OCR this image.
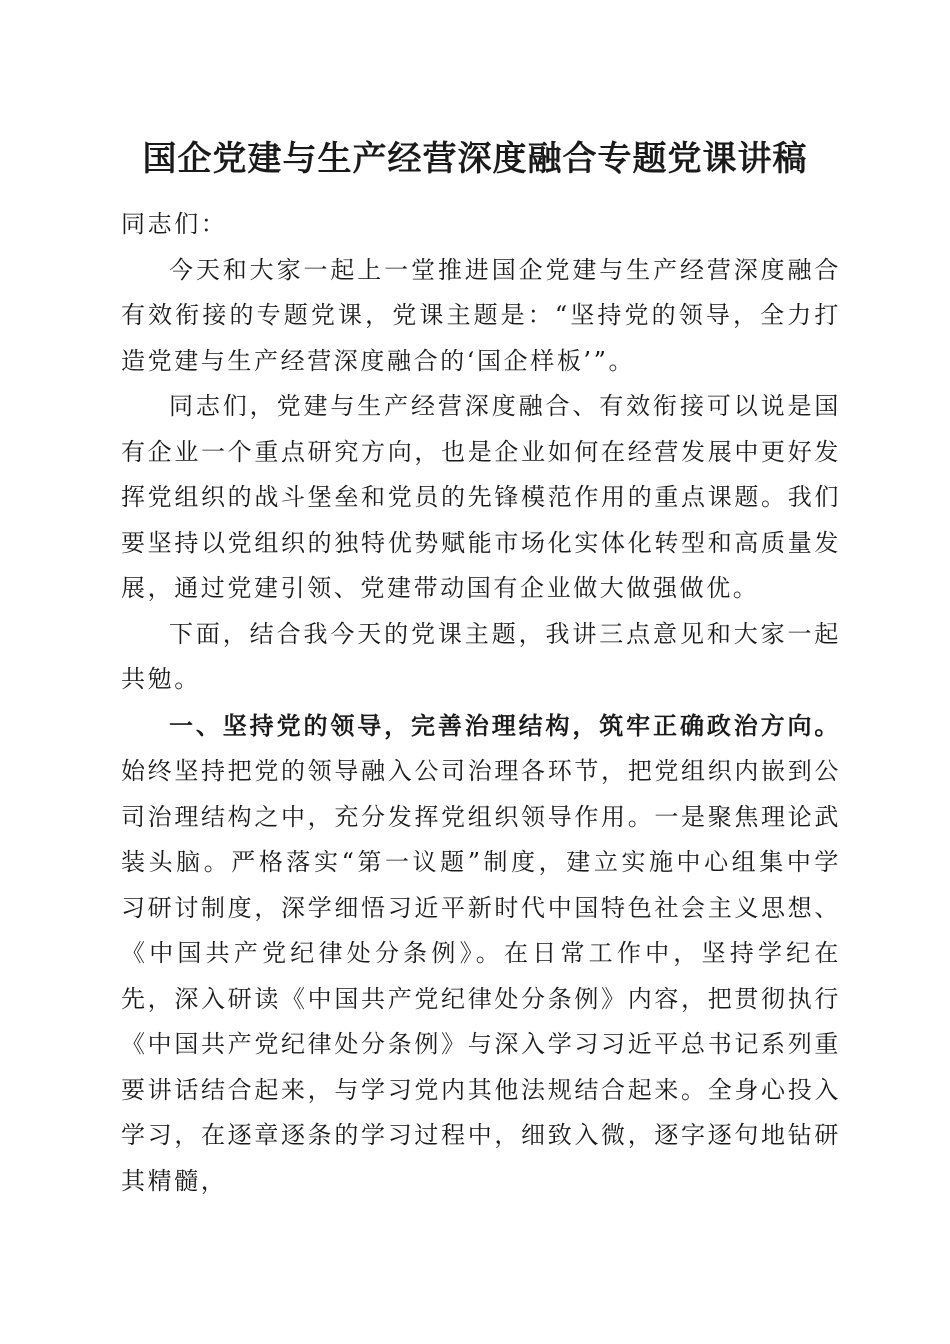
国企党建与生产经营深度融合专题党课讲稿

同志们：

今天和大家一起上一堂推进国企党建与生产经营深度融合有效衔接的专题党课，党课主题是：“坚持党的领导，全力打造党建与生产经营深度融合的‘国企样板’”。

同志们，党建与生产经营深度融合、有效衔接可以说是国有企业一个重点研究方向，也是企业如何在经营发展中更好发挥党组织的战斗堡垒和党员的先锋模范作用的重点课题。我们要坚持以党组织的独特优势赋能市场化实体化转型和高质量发展，通过党建引领、党建带动国有企业做大做强做优。

下面，结合我今天的党课主题，我讲三点意见和大家一起共勉。

一、坚持党的领导，完善治理结构，筑牢正确政治方向。始终坚持把党的领导融入公司治理各环节，把党组织内嵌到公司治理结构之中，充分发挥党组织领导作用。一是聚焦理论武装头脑。严格落实“第一议题”制度，建立实施中心组集中学习研讨制度，深学细悟习近平新时代中国特色社会主义思想、《中国共产党纪律处分条例》。在日常工作中，坚持学纪在先，深入研读《中国共产党纪律处分条例》内容，把贯彻执行《中国共产党纪律处分条例》与深入学习习近平总书记系列重要讲话结合起来，与学习党内其他法规结合起来。全身心投入学习，在逐章逐条的学习过程中，细致入微，逐字逐句地钻研其精髓，
